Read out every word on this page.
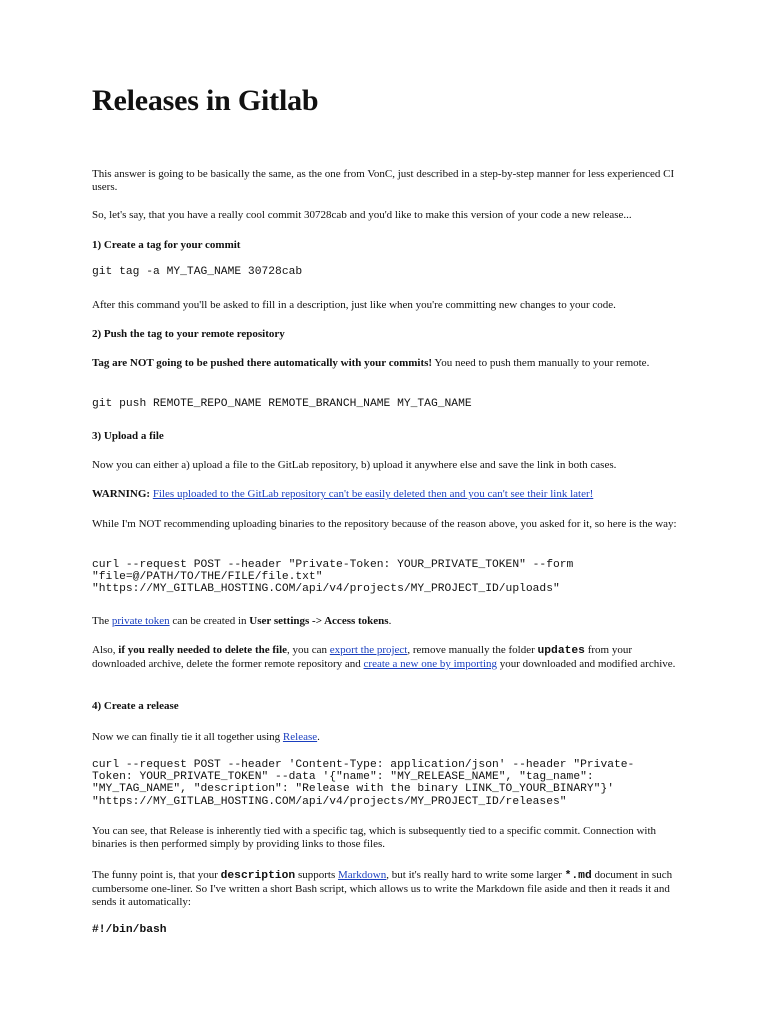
Releases in Gitlab

This answer is going to be basically the same, as the one from VonC, just described in a step-by-step manner for less experienced CI users.

So, let's say, that you have a really cool commit 30728cab and you'd like to make this version of your code a new release...

1) Create a tag for your commit

git tag -a MY_TAG_NAME 30728cab

After this command you'll be asked to fill in a description, just like when you're committing new changes to your code.

2) Push the tag to your remote repository

Tag are NOT going to be pushed there automatically with your commits! You need to push them manually to your remote.

git push REMOTE_REPO_NAME REMOTE_BRANCH_NAME MY_TAG_NAME

3) Upload a file

Now you can either a) upload a file to the GitLab repository, b) upload it anywhere else and save the link in both cases.

WARNING: Files uploaded to the GitLab repository can't be easily deleted then and you can't see their link later!

While I'm NOT recommending uploading binaries to the repository because of the reason above, you asked for it, so here is the way:

curl --request POST --header "Private-Token: YOUR_PRIVATE_TOKEN" --form
"file=@/PATH/TO/THE/FILE/file.txt"
"https://MY_GITLAB_HOSTING.COM/api/v4/projects/MY_PROJECT_ID/uploads"

The private token can be created in User settings -> Access tokens.

Also, if you really needed to delete the file, you can export the project, remove manually the folder updates from your downloaded archive, delete the former remote repository and create a new one by importing your downloaded and modified archive.

4) Create a release

Now we can finally tie it all together using Release.

curl --request POST --header 'Content-Type: application/json' --header "Private-
Token: YOUR_PRIVATE_TOKEN" --data '{"name": "MY_RELEASE_NAME", "tag_name":
"MY_TAG_NAME", "description": "Release with the binary LINK_TO_YOUR_BINARY"}'
"https://MY_GITLAB_HOSTING.COM/api/v4/projects/MY_PROJECT_ID/releases"

You can see, that Release is inherently tied with a specific tag, which is subsequently tied to a specific commit. Connection with binaries is then performed simply by providing links to those files.

The funny point is, that your description supports Markdown, but it's really hard to write some larger *.md document in such cumbersome one-liner. So I've written a short Bash script, which allows us to write the Markdown file aside and then it reads it and sends it automatically:

#!/bin/bash
